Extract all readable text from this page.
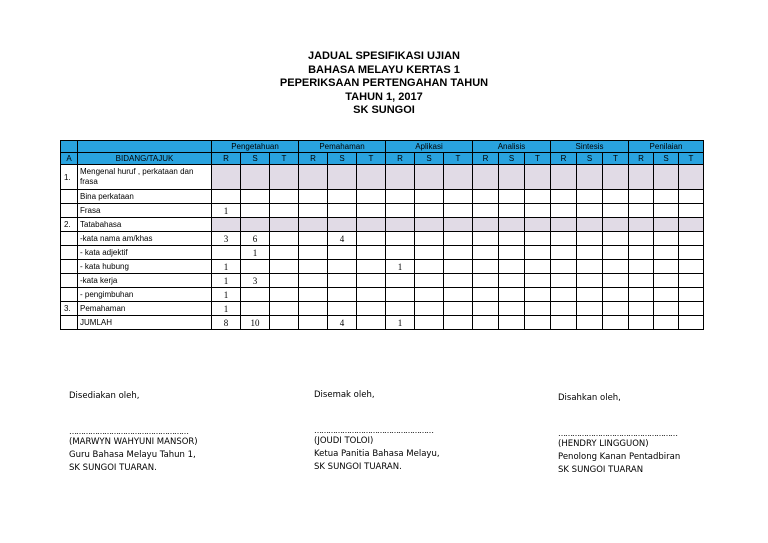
JADUAL SPESIFIKASI UJIAN
BAHASA MELAYU KERTAS 1
PEPERIKSAAN PERTENGAHAN TAHUN
TAHUN 1, 2017
SK SUNGOI
		Pengetahuan			Pemahaman			Aplikasi			Analisis			Sintesis			Penilaian		
A	BIDANG/TAJUK	R	S	T	R	S	T	R	S	T	R	S	T	R	S	T	R	S	T
1.	Mengenal huruf , perkataan dan frasa																		
	Bina perkataan																		
	Frasa	1																	
2.	Tatabahasa																		
	-kata nama am/khas	3	6			4													
	- kata adjektif		1																
	- kata hubung	1						1											
	-kata kerja	1	3																
	- pengimbuhan	1																	
3.	Pemahaman	1																	
	JUMLAH	8	10			4		1											
Disediakan oleh,
……………………………………………
(MARWYN WAHYUNI MANSOR)
Guru Bahasa Melayu Tahun 1,
SK SUNGOI TUARAN.
Disemak oleh,
……………………………………………
(JOUDI TOLOI)
Ketua Panitia Bahasa Melayu,
SK SUNGOI TUARAN.
Disahkan oleh,
……………………………………………
(HENDRY LINGGUON)
Penolong Kanan Pentadbiran
SK SUNGOI TUARAN
